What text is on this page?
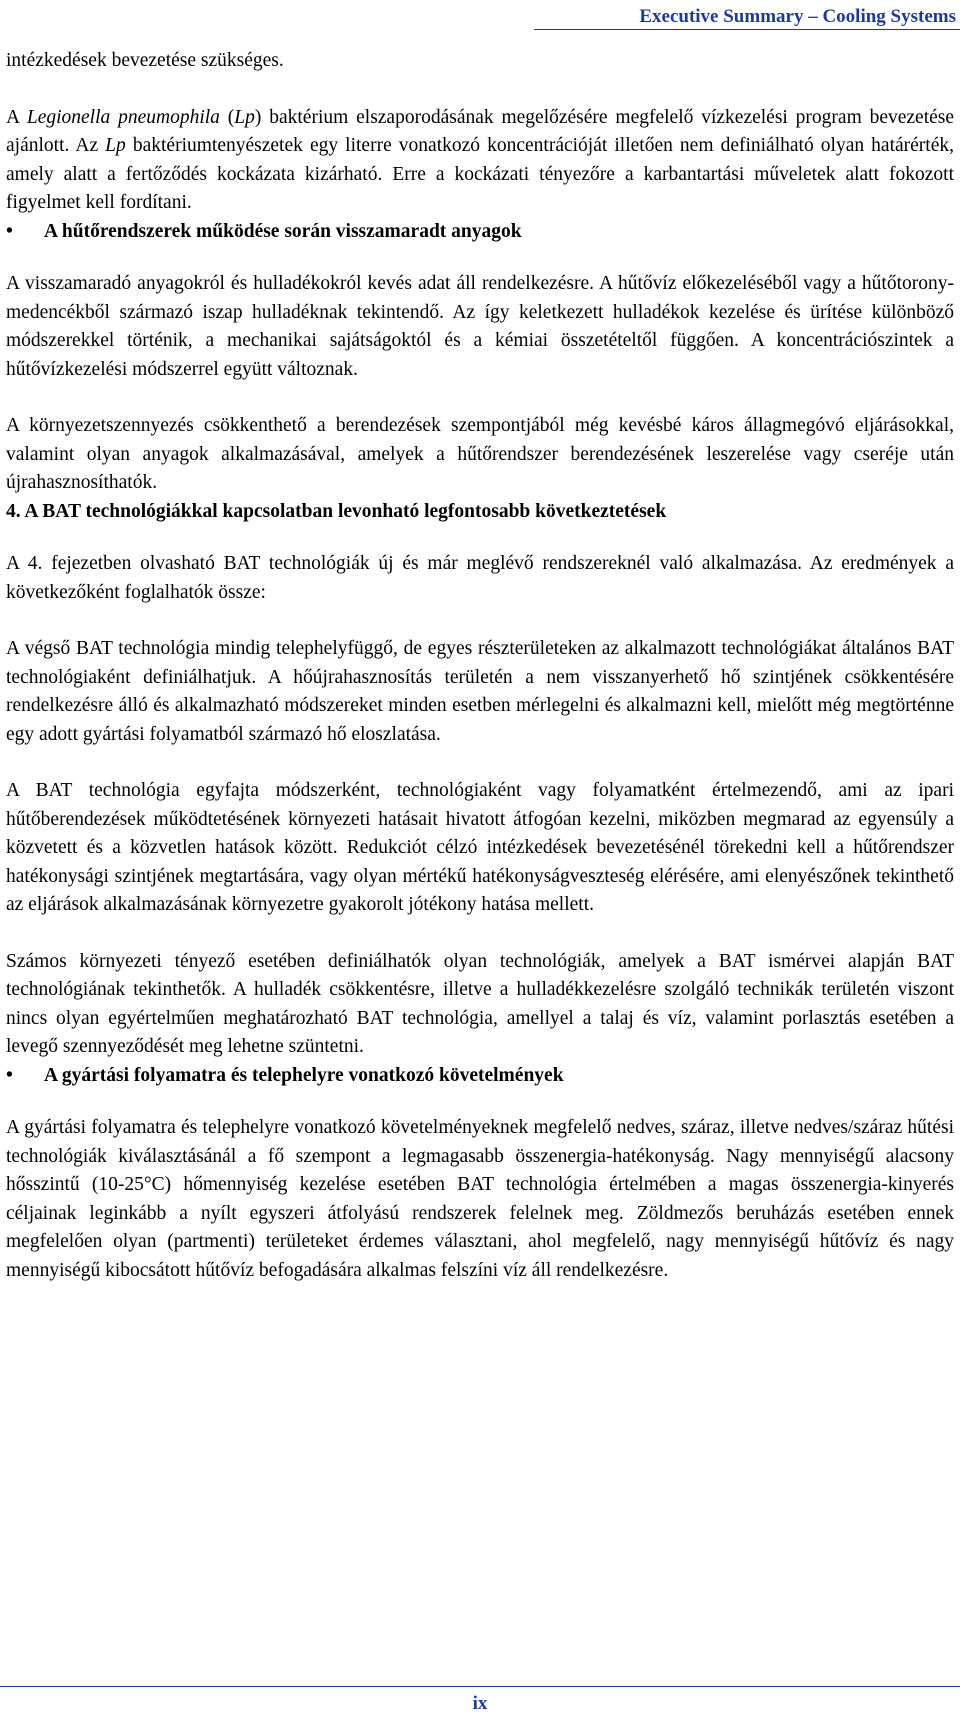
Executive Summary – Cooling Systems

intézkedések bevezetése szükséges.

A Legionella pneumophila (Lp) baktérium elszaporodásának megelőzésére megfelelő vízkezelési program bevezetése ajánlott. Az Lp baktériumtenyészetek egy literre vonatkozó koncentrációját illetően nem definiálható olyan határérték, amely alatt a fertőződés kockázata kizárható. Erre a kockázati tényezőre a karbantartási műveletek alatt fokozott figyelmet kell fordítani.

• A hűtőrendszerek működése során visszamaradt anyagok

A visszamaradó anyagokról és hulladékokról kevés adat áll rendelkezésre. A hűtővíz előkezeléséből vagy a hűtőtorony-medencékből származó iszap hulladéknak tekintendő. Az így keletkezett hulladékok kezelése és ürítése különböző módszerekkel történik, a mechanikai sajátságoktól és a kémiai összetételtől függően. A koncentrációszintek a hűtővízkezelési módszerrel együtt változnak.

A környezetszennyezés csökkenthető a berendezések szempontjából még kevésbé káros állagmegóvó eljárásokkal, valamint olyan anyagok alkalmazásával, amelyek a hűtőrendszer berendezésének leszerelése vagy cseréje után újrahasznosíthatók.

4. A BAT technológiákkal kapcsolatban levonható legfontosabb következtetések

A 4. fejezetben olvasható BAT technológiák új és már meglévő rendszereknél való alkalmazása. Az eredmények a következőként foglalhatók össze:

A végső BAT technológia mindig telephelyfüggő, de egyes részterületeken az alkalmazott technológiákat általános BAT technológiaként definiálhatjuk. A hőújrahasznosítás területén a nem visszanyerhető hő szintjének csökkentésére rendelkezésre álló és alkalmazható módszereket minden esetben mérlegelni és alkalmazni kell, mielőtt még megtörténne egy adott gyártási folyamatból származó hő eloszlatása.

A BAT technológia egyfajta módszerként, technológiaként vagy folyamatként értelmezendő, ami az ipari hűtőberendezések működtetésének környezeti hatásait hivatott átfogóan kezelni, miközben megmarad az egyensúly a közvetett és a közvetlen hatások között. Redukciót célzó intézkedések bevezetésénél törekedni kell a hűtőrendszer hatékonysági szintjének megtartására, vagy olyan mértékű hatékonyságveszteség elérésére, ami elenyészőnek tekinthető az eljárások alkalmazásának környezetre gyakorolt jótékony hatása mellett.

Számos környezeti tényező esetében definiálhatók olyan technológiák, amelyek a BAT ismérvei alapján BAT technológiának tekinthetők. A hulladék csökkentésre, illetve a hulladékkezelésre szolgáló technikák területén viszont nincs olyan egyértelműen meghatározható BAT technológia, amellyel a talaj és víz, valamint porlasztás esetében a levegő szennyeződését meg lehetne szüntetni.

• A gyártási folyamatra és telephelyre vonatkozó követelmények

A gyártási folyamatra és telephelyre vonatkozó követelményeknek megfelelő nedves, száraz, illetve nedves/száraz hűtési technológiák kiválasztásánál a fő szempont a legmagasabb összenergia-hatékonyság. Nagy mennyiségű alacsony hősszintű (10-25°C) hőmennyiség kezelése esetében BAT technológia értelmében a magas összenergia-kinyerés céljainak leginkább a nyílt egyszeri átfolyású rendszerek felelnek meg. Zöldmezős beruházás esetében ennek megfelelően olyan (partmenti) területeket érdemes választani, ahol megfelelő, nagy mennyiségű hűtővíz és nagy mennyiségű kibocsátott hűtővíz befogadására alkalmas felszíni víz áll rendelkezésre.

ix
